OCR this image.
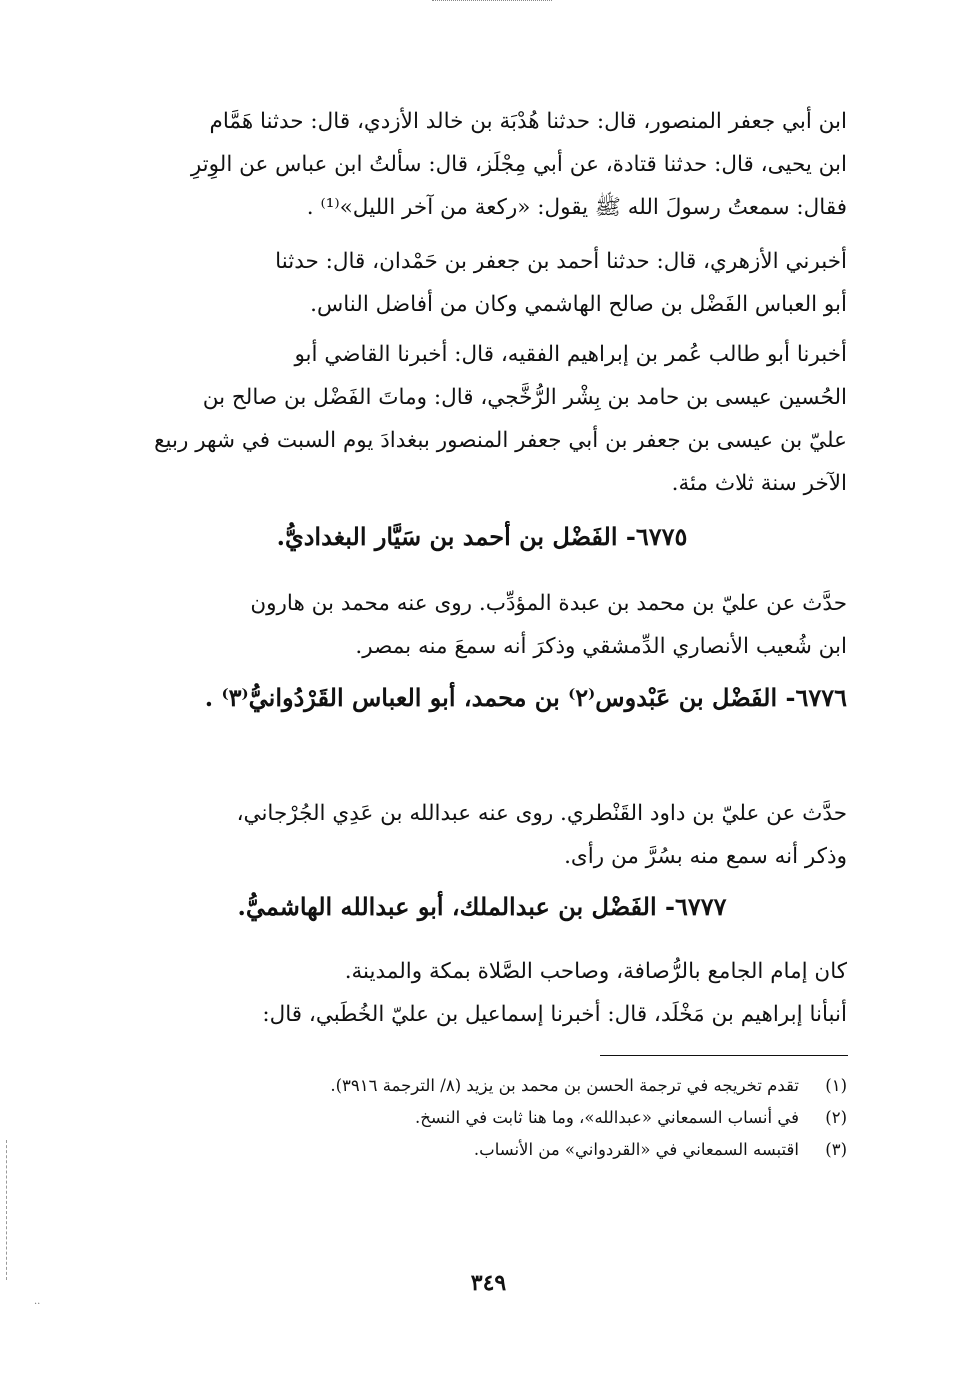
..
ابن أبي جعفر المنصور، قال: حدثنا هُدْبَة بن خالد الأزدي، قال: حدثنا هَمَّام
ابن يحيى، قال: حدثنا قتادة، عن أبي مِجْلَز، قال: سألتُ ابن عباس عن الوِترِ
فقال: سمعتُ رسولَ الله ﷺ يقول: «ركعة من آخر الليل»⁽¹⁾ .
أخبرني الأزهري، قال: حدثنا أحمد بن جعفر بن حَمْدان، قال: حدثنا
أبو العباس الفَضْل بن صالح الهاشمي وكان من أفاضل الناس.
أخبرنا أبو طالب عُمر بن إبراهيم الفقيه، قال: أخبرنا القاضي أبو
الحُسين عيسى بن حامد بن بِشْر الرُّخَّجي، قال: وماتَ الفَضْل بن صالح بن
عليّ بن عيسى بن جعفر بن أبي جعفر المنصور ببغدادَ يوم السبت في شهر ربيع
الآخر سنة ثلاث مئة.
٦٧٧٥- الفَضْل بن أحمد بن سَيَّار البغداديُّ.
حدَّث عن عليّ بن محمد بن عبدة المؤدِّب. روى عنه محمد بن هارون
ابن شُعيب الأنصاري الدِّمشقي وذكرَ أنه سمعَ منه بمصر.
٦٧٧٦- الفَضْل بن عَبْدوس⁽٢⁾ بن محمد، أبو العباس القَرْدُوانيُّ⁽٣⁾ .
حدَّث عن عليّ بن داود القَنْطري. روى عنه عبدالله بن عَدِي الجُرْجاني،
وذكر أنه سمع منه بسُرَّ من رأى.
٦٧٧٧- الفَضْل بن عبدالملك، أبو عبدالله الهاشميُّ.
كان إمام الجامع بالرُّصافة، وصاحب الصَّلاة بمكة والمدينة.
أنبأنا إبراهيم بن مَخْلَد، قال: أخبرنا إسماعيل بن عليّ الخُطَبي، قال:
(١)تقدم تخريجه في ترجمة الحسن بن محمد بن يزيد (٨/ الترجمة ٣٩١٦).
(٢)في أنساب السمعاني «عبدالله»، وما هنا ثابت في النسخ.
(٣)اقتبسه السمعاني في «القردواني» من الأنساب.
٣٤٩
